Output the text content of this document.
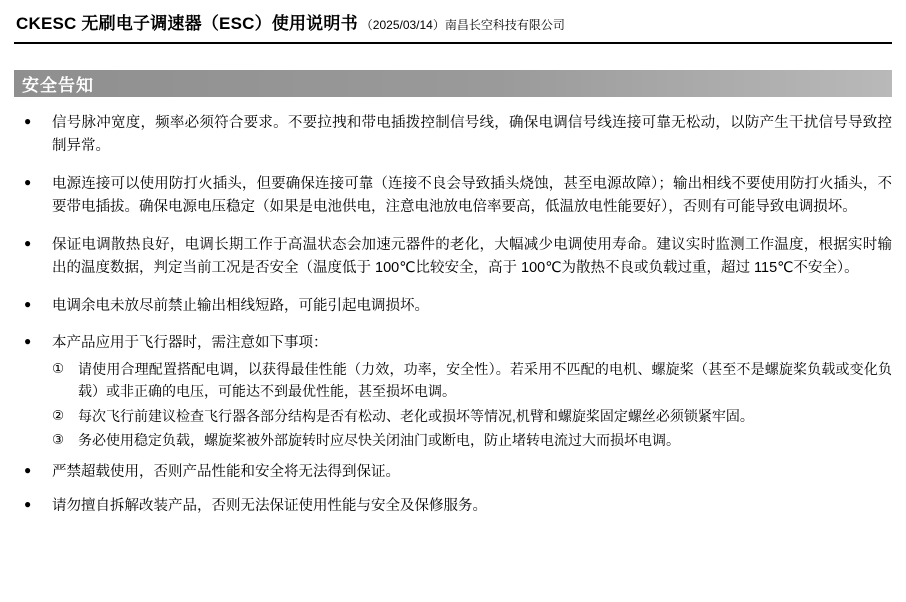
CKESC 无刷电子调速器（ESC）使用说明书 （2025/03/14）南昌长空科技有限公司
安全告知
● 信号脉冲宽度，频率必须符合要求。不要拉拽和带电插拨控制信号线，确保电调信号线连接可靠无松动，以防产生干扰信号导致控制异常。
● 电源连接可以使用防打火插头，但要确保连接可靠（连接不良会导致插头烧蚀，甚至电源故障）；输出相线不要使用防打火插头，不要带电插拔。确保电源电压稳定（如果是电池供电，注意电池放电倍率要高，低温放电性能要好），否则有可能导致电调损坏。
● 保证电调散热良好，电调长期工作于高温状态会加速元器件的老化，大幅减少电调使用寿命。建议实时监测工作温度，根据实时输出的温度数据，判定当前工况是否安全（温度低于 100℃比较安全，高于 100℃为散热不良或负载过重，超过 115℃不安全）。
● 电调余电未放尽前禁止输出相线短路，可能引起电调损坏。
● 本产品应用于飞行器时，需注意如下事项：
① 请使用合理配置搭配电调，以获得最佳性能（力效，功率，安全性）。若采用不匹配的电机、螺旋桨（甚至不是螺旋桨负载或变化负载）或非正确的电压，可能达不到最优性能，甚至损坏电调。
② 每次飞行前建议检查飞行器各部分结构是否有松动、老化或损坏等情况,机臂和螺旋桨固定螺丝必须锁紧牢固。
③ 务必使用稳定负载，螺旋桨被外部旋转时应尽快关闭油门或断电，防止堵转电流过大而损坏电调。
● 严禁超载使用，否则产品性能和安全将无法得到保证。
● 请勿擅自拆解改装产品，否则无法保证使用性能与安全及保修服务。
